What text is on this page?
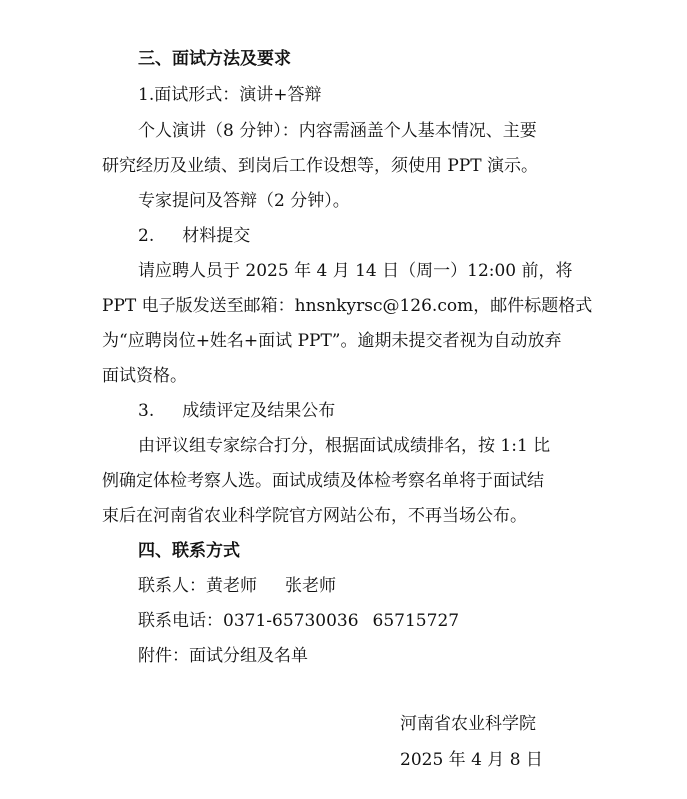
三、面试方法及要求
1.面试形式：演讲+答辩
个人演讲（8 分钟）：内容需涵盖个人基本情况、主要
研究经历及业绩、到岗后工作设想等，须使用 PPT 演示。
专家提问及答辩（2 分钟）。
2. 材料提交
请应聘人员于 2025 年 4 月 14 日（周一）12:00 前，将
PPT 电子版发送至邮箱：hnsnkyrsc@126.com，邮件标题格式
为“应聘岗位+姓名+面试 PPT”。逾期未提交者视为自动放弃
面试资格。
3. 成绩评定及结果公布
由评议组专家综合打分，根据面试成绩排名，按 1:1 比
例确定体检考察人选。面试成绩及体检考察名单将于面试结
束后在河南省农业科学院官方网站公布，不再当场公布。
四、联系方式
联系人：黄老师 张老师
联系电话：0371-65730036 65715727
附件：面试分组及名单
河南省农业科学院
2025 年 4 月 8 日
